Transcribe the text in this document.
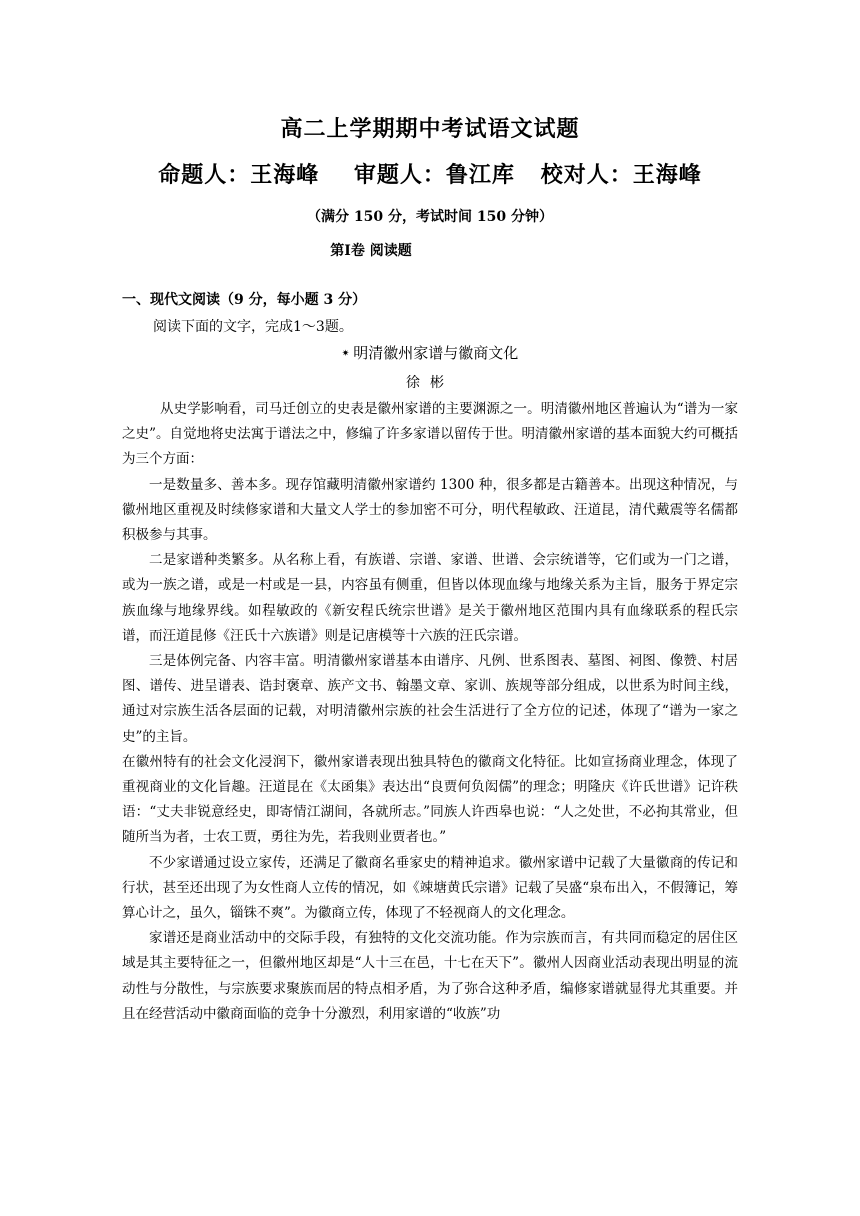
高二上学期期中考试语文试题
命题人：王海峰    审题人：鲁江库   校对人：王海峰
（满分 150 分，考试时间 150 分钟）
第Ⅰ卷 阅读题
一、现代文阅读（9 分，每小题 3 分）
阅读下面的文字，完成1～3题。
✷ 明清徽州家谱与徽商文化
徐彬

从史学影响看，司马迁创立的史表是徽州家谱的主要渊源之一。明清徽州地区普遍认为“谱为一家之史”。自觉地将史法寓于谱法之中，修编了许多家谱以留传于世。明清徽州家谱的基本面貌大约可概括为三个方面：

一是数量多、善本多。现存馆藏明清徽州家谱约 1300 种，很多都是古籍善本。出现这种情况，与徽州地区重视及时续修家谱和大量文人学士的参加密不可分，明代程敏政、汪道昆，清代戴震等名儒都积极参与其事。

二是家谱种类繁多。从名称上看，有族谱、宗谱、家谱、世谱、会宗统谱等，它们或为一门之谱，或为一族之谱，或是一村或是一县，内容虽有侧重，但皆以体现血缘与地缘关系为主旨，服务于界定宗族血缘与地缘界线。如程敏政的《新安程氏统宗世谱》是关于徽州地区范围内具有血缘联系的程氏宗谱，而汪道昆修《汪氏十六族谱》则是记唐模等十六族的汪氏宗谱。

三是体例完备、内容丰富。明清徽州家谱基本由谱序、凡例、世系图表、墓图、祠图、像赞、村居图、谱传、进呈谱表、诰封褒章、族产文书、翰墨文章、家训、族规等部分组成，以世系为时间主线，通过对宗族生活各层面的记载，对明清徽州宗族的社会生活进行了全方位的记述，体现了“谱为一家之史”的主旨。

在徽州特有的社会文化浸润下，徽州家谱表现出独具特色的徽商文化特征。比如宣扬商业理念，体现了重视商业的文化旨趣。汪道昆在《太函集》表达出“良贾何负闳儒”的理念；明隆庆《许氏世谱》记许秩语：“丈夫非锐意经史，即寄情江湖间，各就所志。”同族人许西皋也说：“人之处世，不必拘其常业，但随所当为者，士农工贾，勇往为先，若我则业贾者也。”

不少家谱通过设立家传，还满足了徽商名垂家史的精神追求。徽州家谱中记载了大量徽商的传记和行状，甚至还出现了为女性商人立传的情况，如《竦塘黄氏宗谱》记载了吴盛“泉布出入，不假簿记，筹算心计之，虽久，锱铢不爽”。为徽商立传，体现了不轻视商人的文化理念。

家谱还是商业活动中的交际手段，有独特的文化交流功能。作为宗族而言，有共同而稳定的居住区域是其主要特征之一，但徽州地区却是“人十三在邑，十七在天下”。徽州人因商业活动表现出明显的流动性与分散性，与宗族要求聚族而居的特点相矛盾，为了弥合这种矛盾，编修家谱就显得尤其重要。并且在经营活动中徽商面临的竞争十分激烈，利用家谱的“收族”功
